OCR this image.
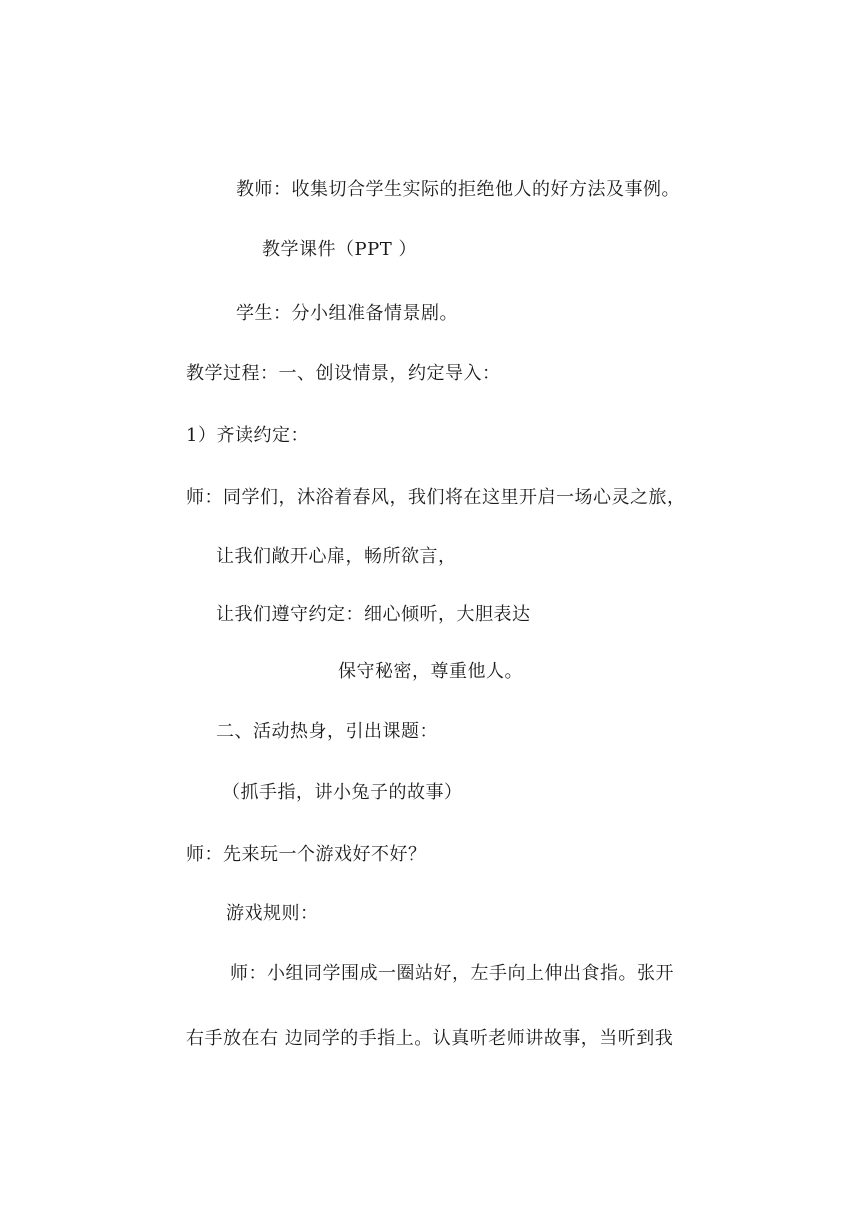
教师：收集切合学生实际的拒绝他人的好方法及事例。
教学课件（PPT ）
学生：分小组准备情景剧。
教学过程：一、创设情景，约定导入：
1）齐读约定：
师：同学们，沐浴着春风，我们将在这里开启一场心灵之旅，
让我们敞开心扉，畅所欲言，
让我们遵守约定：细心倾听，大胆表达
保守秘密，尊重他人。
二、活动热身，引出课题：
（抓手指，讲小兔子的故事）
师：先来玩一个游戏好不好？
游戏规则：
师：小组同学围成一圈站好，左手向上伸出食指。张开
右手放在右 边同学的手指上。认真听老师讲故事，当听到我
